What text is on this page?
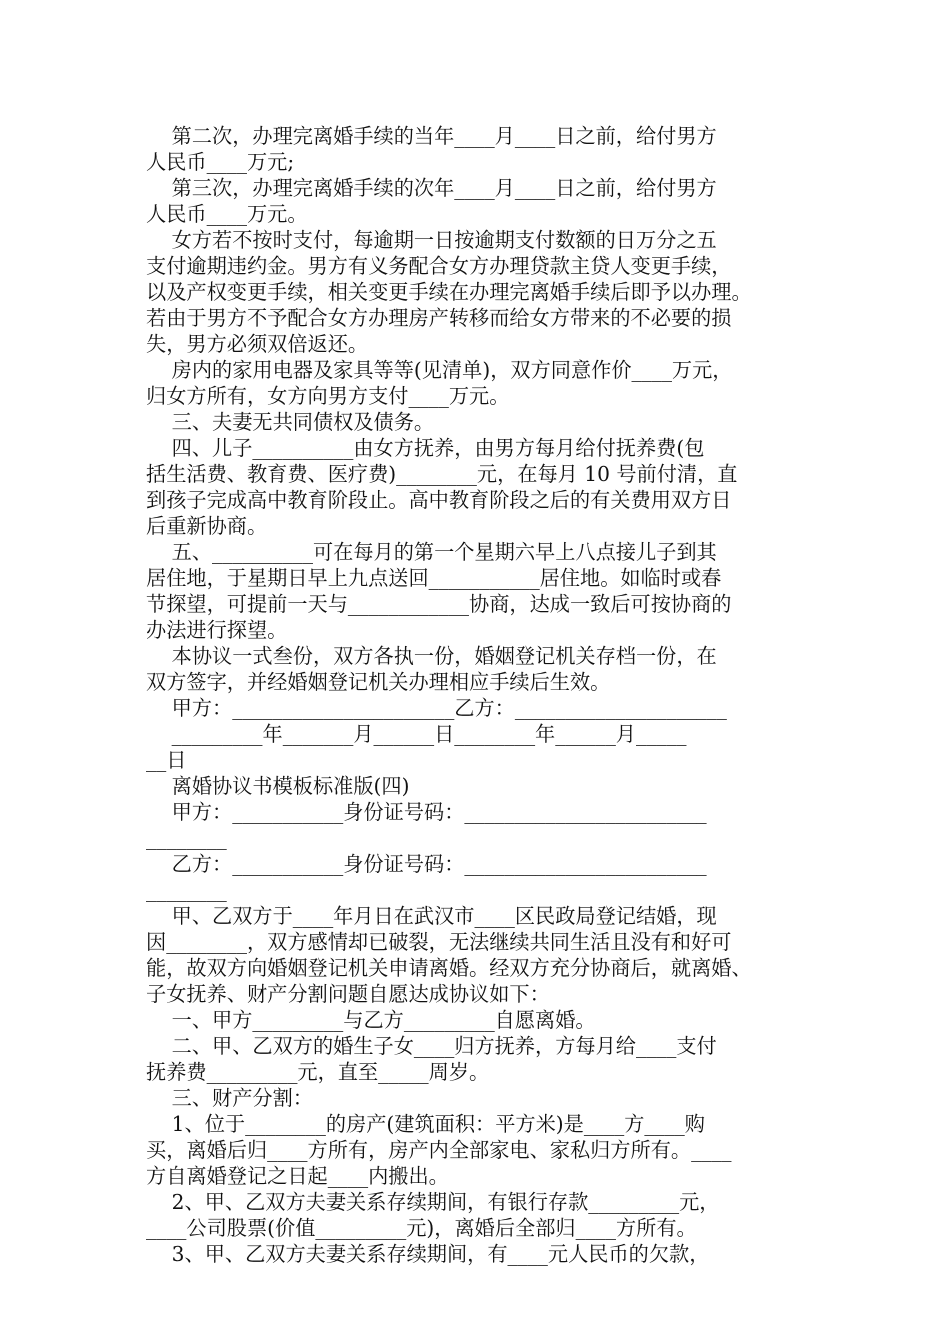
第二次，办理完离婚手续的当年____月____日之前，给付男方

人民币____万元;

第三次，办理完离婚手续的次年____月____日之前，给付男方

人民币____万元。

女方若不按时支付，每逾期一日按逾期支付数额的日万分之五

支付逾期违约金。男方有义务配合女方办理贷款主贷人变更手续，

以及产权变更手续，相关变更手续在办理完离婚手续后即予以办理。

若由于男方不予配合女方办理房产转移而给女方带来的不必要的损

失，男方必须双倍返还。

房内的家用电器及家具等等(见清单)，双方同意作价____万元，

归女方所有，女方向男方支付____万元。

三、夫妻无共同债权及债务。

四、儿子__________由女方抚养，由男方每月给付抚养费(包

括生活费、教育费、医疗费)________元，在每月 10 号前付清，直

到孩子完成高中教育阶段止。高中教育阶段之后的有关费用双方日

后重新协商。

五、__________可在每月的第一个星期六早上八点接儿子到其

居住地，于星期日早上九点送回___________居住地。如临时或春

节探望，可提前一天与____________协商，达成一致后可按协商的

办法进行探望。

本协议一式叁份，双方各执一份，婚姻登记机关存档一份，在

双方签字，并经婚姻登记机关办理相应手续后生效。

甲方：______________________乙方：_____________________

_________年_______月______日________年______月_____

__日

离婚协议书模板标准版(四)

甲方：___________身份证号码：________________________

________

乙方：___________身份证号码：________________________

________

甲、乙双方于____年月日在武汉市____区民政局登记结婚，现

因________，双方感情却已破裂，无法继续共同生活且没有和好可

能，故双方向婚姻登记机关申请离婚。经双方充分协商后，就离婚、

子女抚养、财产分割问题自愿达成协议如下：

一、甲方_________与乙方_________自愿离婚。

二、甲、乙双方的婚生子女____归方抚养，方每月给____支付

抚养费_________元，直至_____周岁。

三、财产分割：

1、位于________的房产(建筑面积：平方米)是____方____购

买，离婚后归____方所有，房产内全部家电、家私归方所有。____

方自离婚登记之日起____内搬出。

2、甲、乙双方夫妻关系存续期间，有银行存款_________元，

____公司股票(价值_________元)，离婚后全部归____方所有。

3、甲、乙双方夫妻关系存续期间，有____元人民币的欠款，
